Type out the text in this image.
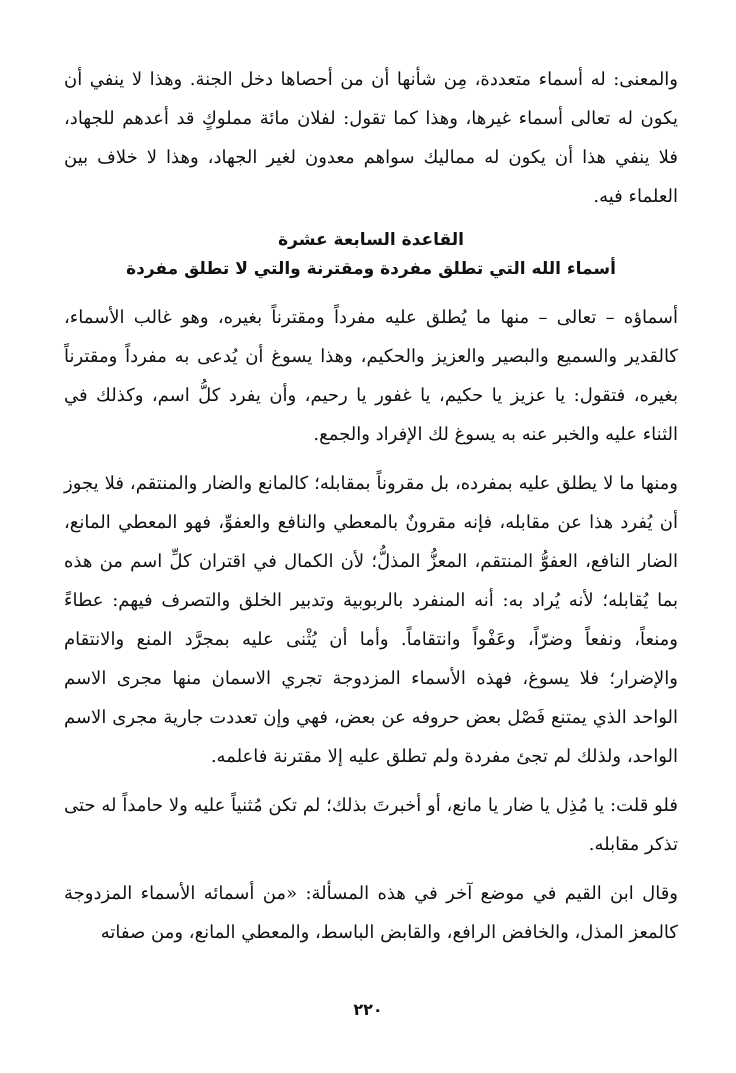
والمعنى: له أسماء متعددة، مِن شأنها أن من أحصاها دخل الجنة. وهذا لا ينفي أن يكون له تعالى أسماء غيرها، وهذا كما تقول: لفلان مائة مملوكٍ قد أعدهم للجهاد، فلا ينفي هذا أن يكون له مماليك سواهم معدون لغير الجهاد، وهذا لا خلاف بين العلماء فيه.

القاعدة السابعة عشرة

أسماء الله التي تطلق مفردة ومقترنة والتي لا تطلق مفردة

أسماؤه – تعالى – منها ما يُطلق عليه مفرداً ومقترناً بغيره، وهو غالب الأسماء، كالقدير والسميع والبصير والعزيز والحكيم، وهذا يسوغ أن يُدعى به مفرداً ومقترناً بغيره، فتقول: يا عزيز يا حكيم، يا غفور يا رحيم، وأن يفرد كلُّ اسم، وكذلك في الثناء عليه والخبر عنه به يسوغ لك الإفراد والجمع.

ومنها ما لا يطلق عليه بمفرده، بل مقروناً بمقابله؛ كالمانع والضار والمنتقم، فلا يجوز أن يُفرد هذا عن مقابله، فإنه مقرونٌ بالمعطي والنافع والعفوِّ، فهو المعطي المانع، الضار النافع، العفوُّ المنتقم، المعزُّ المذلُّ؛ لأن الكمال في اقتران كلِّ اسم من هذه بما يُقابله؛ لأنه يُراد به: أنه المنفرد بالربوبية وتدبير الخلق والتصرف فيهم: عطاءً ومنعاً، ونفعاً وضرّاً، وعَفْواً وانتقاماً. وأما أن يُثْنى عليه بمجرَّد المنع والانتقام والإضرار؛ فلا يسوغ، فهذه الأسماء المزدوجة تجري الاسمان منها مجرى الاسم الواحد الذي يمتنع فَصْل بعض حروفه عن بعض، فهي وإن تعددت جارية مجرى الاسم الواحد، ولذلك لم تجئ مفردة ولم تطلق عليه إلا مقترنة فاعلمه.

فلو قلت: يا مُذِل يا ضار يا مانع، أو أخبرتَ بذلك؛ لم تكن مُثنياً عليه ولا حامداً له حتى تذكر مقابله.

وقال ابن القيم في موضع آخر في هذه المسألة: «من أسمائه الأسماء المزدوجة كالمعز المذل، والخافض الرافع، والقابض الباسط، والمعطي المانع، ومن صفاته

٢٢٠
